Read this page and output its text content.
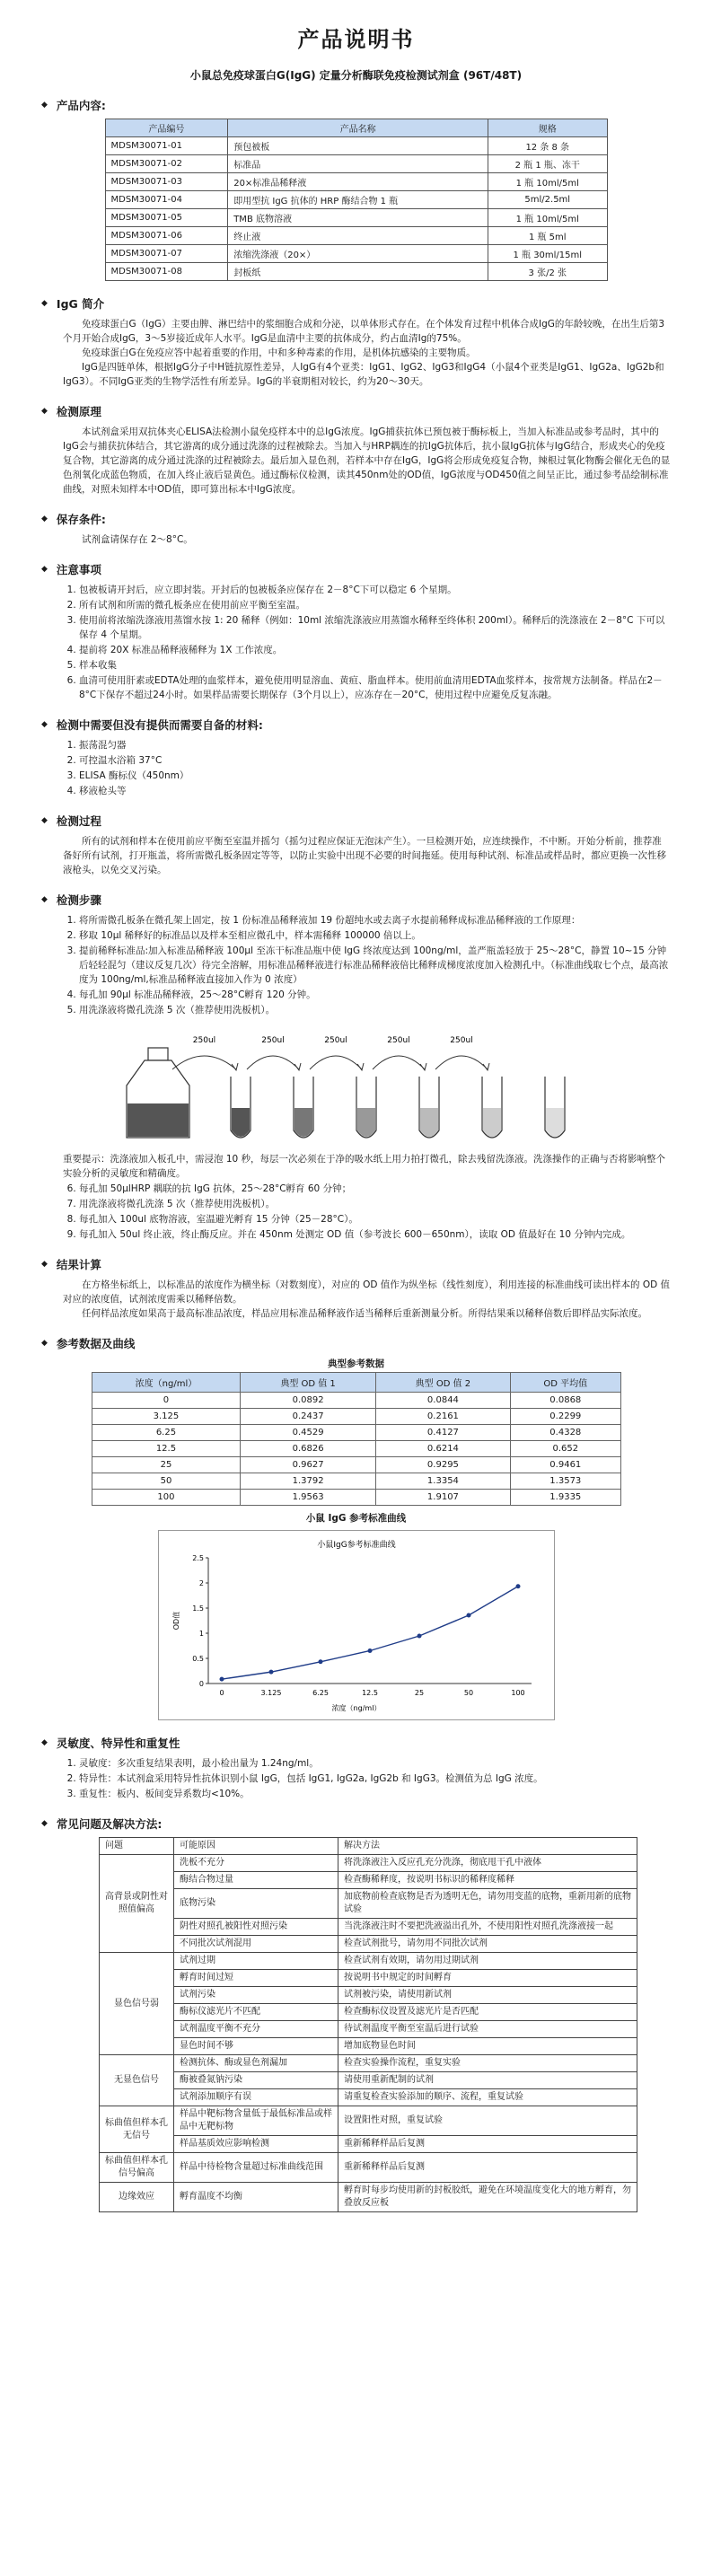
产品说明书
小鼠总免疫球蛋白G(IgG) 定量分析酶联免疫检测试剂盒 (96T/48T)
◆ 产品内容:
产品编号	产品名称	规格
MDSM30071-01	预包被板	12 条 8 条
MDSM30071-02	标准品	2 瓶 1 瓶、冻干
MDSM30071-03	20×标准品稀释液	1 瓶 10ml/5ml
MDSM30071-04	即用型抗 IgG 抗体的 HRP 酶结合物 1 瓶	5ml/2.5ml
MDSM30071-05	TMB 底物溶液	1 瓶 10ml/5ml
MDSM30071-06	终止液	1 瓶 5ml
MDSM30071-07	浓缩洗涤液（20×）	1 瓶 30ml/15ml
MDSM30071-08	封板纸	3 张/2 张
◆ IgG 简介

免疫球蛋白G（IgG）主要由脾、淋巴结中的浆细胞合成和分泌，以单体形式存在。在个体发育过程中机体合成IgG的年龄较晚，在出生后第3个月开始合成IgG，3～5岁接近成年人水平。IgG是血清中主要的抗体成分，约占血清Ig的75%。

免疫球蛋白G在免疫应答中起着重要的作用，中和多种毒素的作用，是机体抗感染的主要物质。

IgG是四链单体，根据IgG分子中H链抗原性差异，人IgG有4个亚类：IgG1、IgG2、IgG3和IgG4（小鼠4个亚类是IgG1、IgG2a、IgG2b和IgG3）。不同IgG亚类的生物学活性有所差异。IgG的半衰期相对较长，约为20～30天。

◆ 检测原理

本试剂盒采用双抗体夹心ELISA法检测小鼠免疫样本中的总IgG浓度。IgG捕获抗体已预包被于酶标板上，当加入标准品或参考品时，其中的IgG会与捕获抗体结合，其它游离的成分通过洗涤的过程被除去。当加入与HRP耦连的抗IgG抗体后，抗小鼠IgG抗体与IgG结合，形成夹心的免疫复合物，其它游离的成分通过洗涤的过程被除去。最后加入显色剂，若样本中存在IgG，IgG将会形成免疫复合物，辣根过氧化物酶会催化无色的显色剂氧化成蓝色物质，在加入终止液后显黄色。通过酶标仪检测，读其450nm处的OD值，IgG浓度与OD450值之间呈正比，通过参考品绘制标准曲线，对照未知样本中OD值，即可算出标本中IgG浓度。

◆ 保存条件:

试剂盒请保存在 2～8°C。

◆ 注意事项
1. 包被板请开封后，应立即封装。开封后的包被板条应保存在 2－8°C下可以稳定 6 个星期。
2. 所有试剂和所需的微孔板条应在使用前应平衡至室温。
3. 使用前将浓缩洗涤液用蒸馏水按 1: 20 稀释（例如：10ml 浓缩洗涤液应用蒸馏水稀释至终体积 200ml）。稀释后的洗涤液在 2－8°C 下可以保存 4 个星期。
4. 提前将 20X 标准品稀释液稀释为 1X 工作浓度。
5. 样本收集
6. 血清可使用肝素或EDTA处理的血浆样本，避免使用明显溶血、黄疸、脂血样本。使用前血清用EDTA血浆样本，按常规方法制备。样品在2－8°C下保存不超过24小时。如果样品需要长期保存（3个月以上），应冻存在－20°C，使用过程中应避免反复冻融。
◆ 检测中需要但没有提供而需要自备的材料:
1. 振荡混匀器
2. 可控温水浴箱 37°C
3. ELISA 酶标仪（450nm）
4. 移液枪头等
◆ 检测过程

所有的试剂和样本在使用前应平衡至室温并摇匀（摇匀过程应保证无泡沫产生）。一旦检测开始，应连续操作，不中断。开始分析前，推荐准备好所有试剂，打开瓶盖，将所需微孔板条固定等等，以防止实验中出现不必要的时间拖延。使用每种试剂、标准品或样品时，都应更换一次性移液枪头，以免交叉污染。

◆ 检测步骤
1. 将所需微孔板条在微孔架上固定，按 1 份标准品稀释液加 19 份超纯水或去离子水提前稀释成标准品稀释液的工作原理：
2. 移取 10μl 稀释好的标准品以及样本至相应微孔中，样本需稀释 100000 倍以上。
3. 提前稀释标准品:加入标准品稀释液 100μl 至冻干标准品瓶中使 IgG 终浓度达到 100ng/ml，盖严瓶盖轻放于 25～28°C，静置 10~15 分钟后轻轻混匀（建议反复几次）待完全溶解，用标准品稀释液进行标准品稀释液倍比稀释成梯度浓度加入检测孔中。（标准曲线取七个点，最高浓度为 100ng/ml,标准品稀释液直接加入作为 0 浓度）
4. 每孔加 90μl 标准品稀释液，25～28°C孵育 120 分钟。
5. 用洗涤液将微孔洗涤 5 次（推荐使用洗板机）。
250ul	250ul	250ul	250ul	250ul

重要提示：洗涤液加入板孔中，需浸泡 10 秒，每层一次必须在于净的吸水纸上用力拍打微孔，除去残留洗涤液。洗涤操作的正确与否将影响整个实验分析的灵敏度和精确度。

6. 每孔加 50μlHRP 耦联的抗 IgG 抗体，25～28°C孵育 60 分钟；
7. 用洗涤液将微孔洗涤 5 次（推荐使用洗板机）。
8. 每孔加入 100ul 底物溶液，室温避光孵育 15 分钟（25－28°C）。
9. 每孔加入 50ul 终止液，终止酶反应。并在 450nm 处测定 OD 值（参考波长 600－650nm），读取 OD 值最好在 10 分钟内完成。
◆ 结果计算

在方格坐标纸上，以标准品的浓度作为横坐标（对数刻度），对应的 OD 值作为纵坐标（线性刻度），利用连接的标准曲线可读出样本的 OD 值对应的浓度值，试剂浓度需乘以稀释倍数。

任何样品浓度如果高于最高标准品浓度，样品应用标准品稀释液作适当稀释后重新测量分析。所得结果乘以稀释倍数后即样品实际浓度。

◆ 参考数据及曲线
典型参考数据
浓度（ng/ml）	典型 OD 值 1	典型 OD 值 2	OD 平均值
0	0.0892	0.0844	0.0868
3.125	0.2437	0.2161	0.2299
6.25	0.4529	0.4127	0.4328
12.5	0.6826	0.6214	0.652
25	0.9627	0.9295	0.9461
50	1.3792	1.3354	1.3573
100	1.9563	1.9107	1.9335
小鼠 IgG 参考标准曲线
小鼠IgG参考标准曲线
0
0.5
1
1.5
2
2.5
0	3.125	6.25	12.5	25	50	100
浓度（ng/ml）
OD值
◆ 灵敏度、特异性和重复性
1. 灵敏度：多次重复结果表明，最小检出量为 1.24ng/ml。
2. 特异性：本试剂盒采用特异性抗体识别小鼠 IgG，包括 IgG1, IgG2a, IgG2b 和 IgG3。检测值为总 IgG 浓度。
3. 重复性：板内、板间变异系数均<10%。
◆ 常见问题及解决方法:
问题	可能原因	解决方法
高背景或阴性对照值偏高	洗板不充分	将洗涤液注入反应孔充分洗涤，彻底甩干孔中液体
	酶结合物过量	检查酶稀释度，按说明书标识的稀释度稀释
	底物污染	加底物前检查底物是否为透明无色，请勿用变蓝的底物，重新用新的底物试验
	阴性对照孔被阳性对照污染	当洗涤液注时不要把洗液溢出孔外，不使用阳性对照孔洗涤液接一起
	不同批次试剂混用	检查试剂批号，请勿用不同批次试剂
显色信号弱	试剂过期	检查试剂有效期，请勿用过期试剂
	孵育时间过短	按说明书中规定的时间孵育
	试剂污染	试剂被污染，请使用新试剂
	酶标仪滤光片不匹配	检查酶标仪设置及滤光片是否匹配
	试剂温度平衡不充分	待试剂温度平衡至室温后进行试验
	显色时间不够	增加底物显色时间
无显色信号	检测抗体、酶或显色剂漏加	检查实验操作流程，重复实验
	酶被叠氮钠污染	请使用重新配制的试剂
	试剂添加顺序有误	请重复检查实验添加的顺序、流程，重复试验
标曲值但样本孔无信号	样品中靶标物含量低于最低标准品或样品中无靶标物	设置阳性对照，重复试验
	样品基质效应影响检测	重新稀释样品后复测
标曲值但样本孔信号偏高	样品中待检物含量超过标准曲线范围	重新稀释样品后复测
边缘效应	孵育温度不均衡	孵育时每步均使用新的封板胶纸，避免在环境温度变化大的地方孵育，勿叠放反应板
